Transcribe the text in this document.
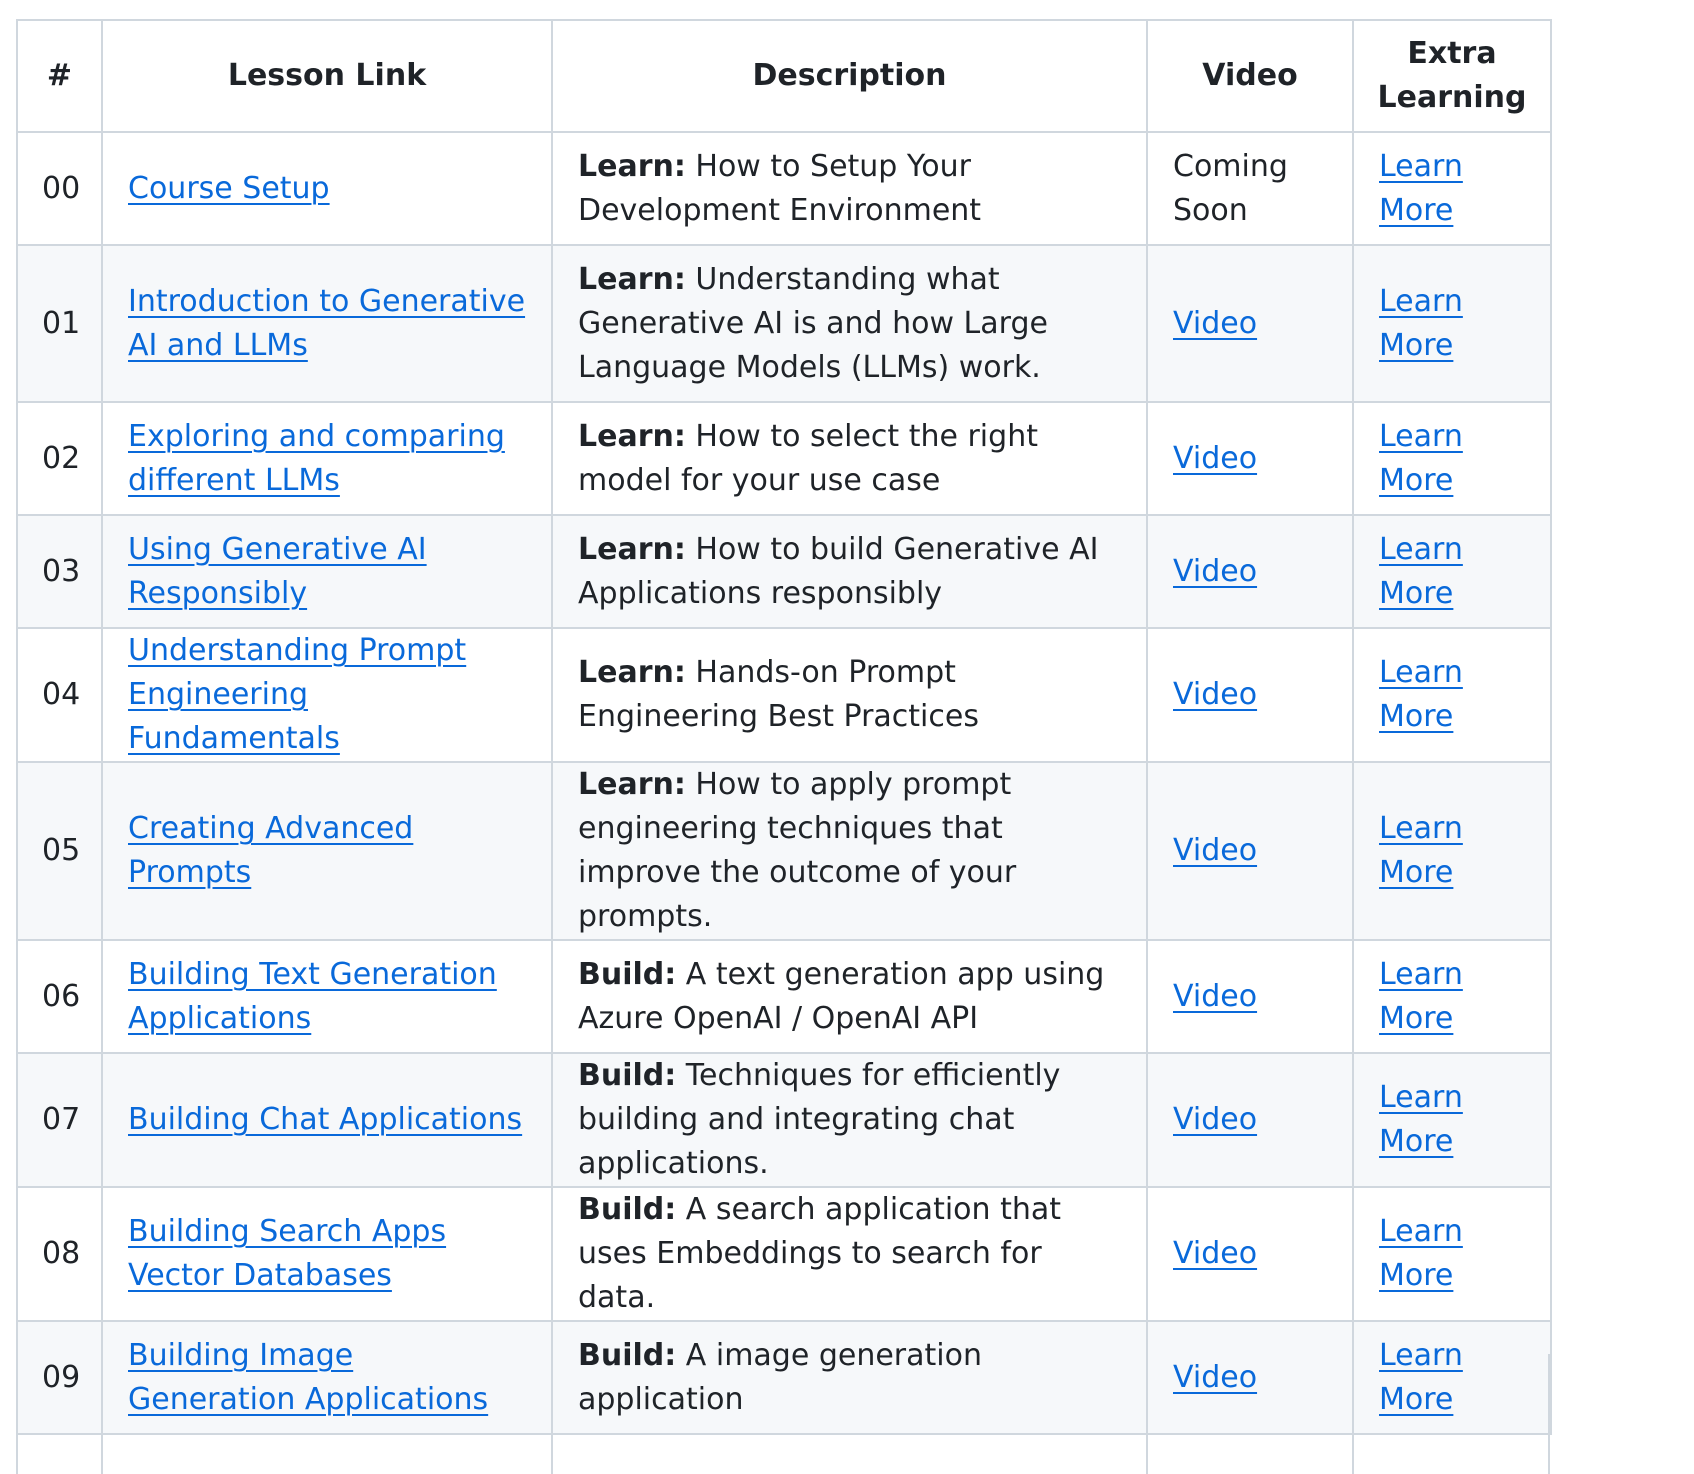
#	Lesson Link	Description	Video	Extra Learning
00	Course Setup	Learn: How to Setup Your Development Environment	Coming Soon	Learn More
01	Introduction to Generative AI and LLMs	Learn: Understanding what Generative AI is and how Large Language Models (LLMs) work.	Video	Learn More
02	Exploring and comparing different LLMs	Learn: How to select the right model for your use case	Video	Learn More
03	Using Generative AI Responsibly	Learn: How to build Generative AI Applications responsibly	Video	Learn More
04	Understanding Prompt Engineering Fundamentals	Learn: Hands-on Prompt Engineering Best Practices	Video	Learn More
05	Creating Advanced Prompts	Learn: How to apply prompt engineering techniques that improve the outcome of your prompts.	Video	Learn More
06	Building Text Generation Applications	Build: A text generation app using Azure OpenAI / OpenAI API	Video	Learn More
07	Building Chat Applications	Build: Techniques for efficiently building and integrating chat applications.	Video	Learn More
08	Building Search Apps Vector Databases	Build: A search application that uses Embeddings to search for data.	Video	Learn More
09	Building Image Generation Applications	Build: A image generation application	Video	Learn More
